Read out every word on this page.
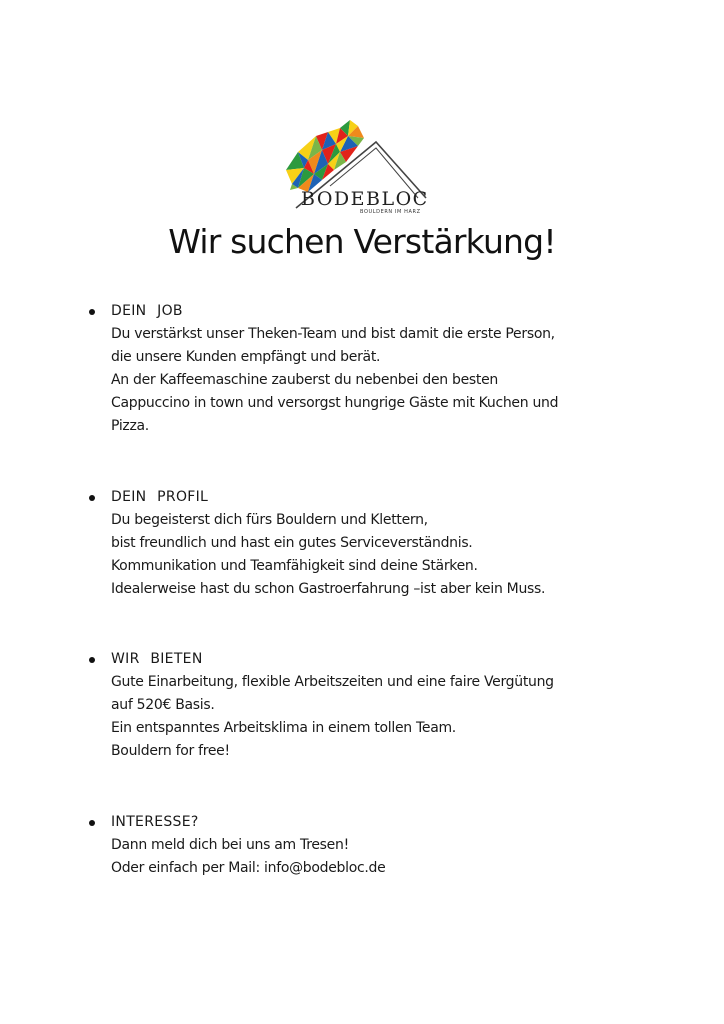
BODEBLOC
BOULDERN IM HARZ
Wir suchen Verstärkung!
DEIN JOB
Du verstärkst unser Theken-Team und bist damit die erste Person,
die unsere Kunden empfängt und berät.
An der Kaffeemaschine zauberst du nebenbei den besten
Cappuccino in town und versorgst hungrige Gäste mit Kuchen und
Pizza.
DEIN PROFIL
Du begeisterst dich fürs Bouldern und Klettern,
bist freundlich und hast ein gutes Serviceverständnis.
Kommunikation und Teamfähigkeit sind deine Stärken.
Idealerweise hast du schon Gastroerfahrung –ist aber kein Muss.
WIR BIETEN
Gute Einarbeitung, flexible Arbeitszeiten und eine faire Vergütung
auf 520€ Basis.
Ein entspanntes Arbeitsklima in einem tollen Team.
Bouldern for free!
INTERESSE?
Dann meld dich bei uns am Tresen!
Oder einfach per Mail: info@bodebloc.de
